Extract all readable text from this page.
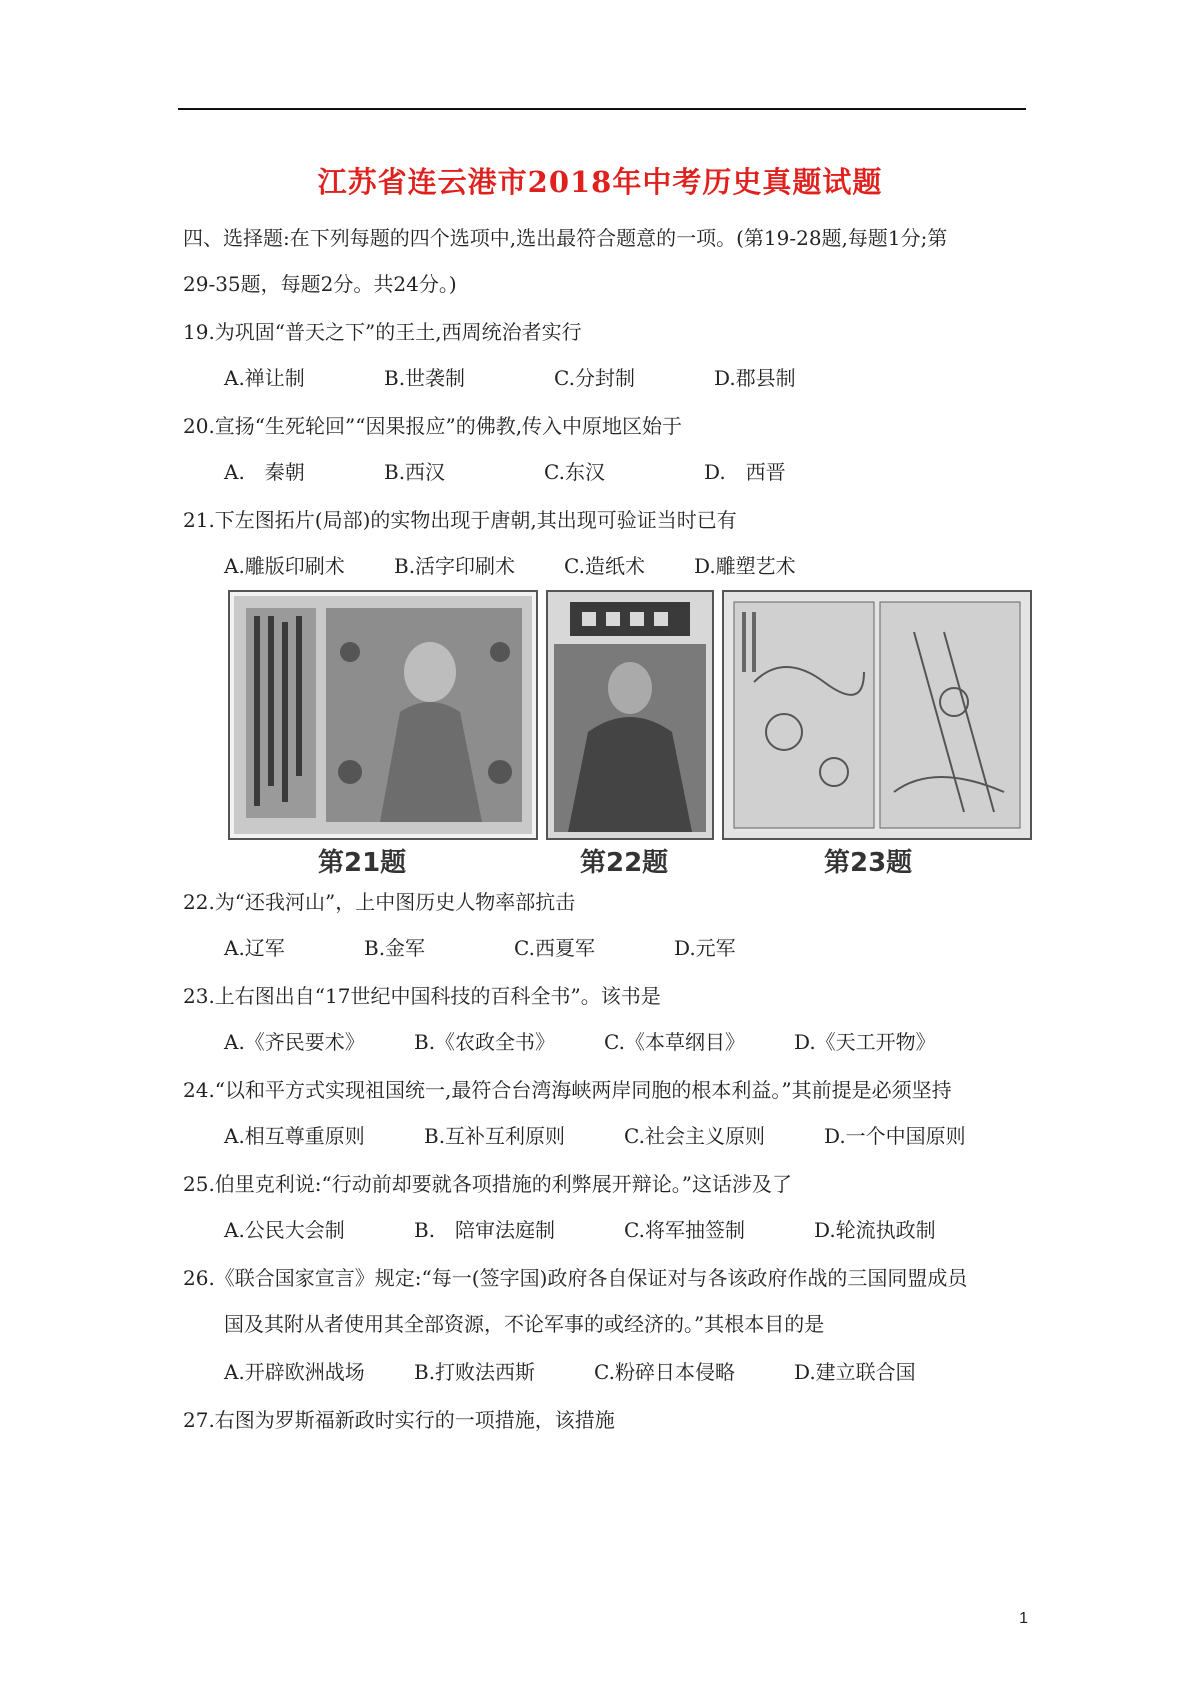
江苏省连云港市2018年中考历史真题试题
四、选择题:在下列每题的四个选项中,选出最符合题意的一项。(第19-28题,每题1分;第
29-35题，每题2分。共24分。)
19.为巩固“普天之下”的王土,西周统治者实行
A.禅让制	B.世袭制	C.分封制	D.郡县制
20.宣扬“生死轮回”“因果报应”的佛教,传入中原地区始于
A.　秦朝	B.西汉	C.东汉	D.　西晋
21.下左图拓片(局部)的实物出现于唐朝,其出现可验证当时已有
A.雕版印刷术 B.活字印刷术 C.造纸术 D.雕塑艺术
第21题	第22题	第23题
22.为“还我河山”，上中图历史人物率部抗击
A.辽军	B.金军	C.西夏军	D.元军
23.上右图出自“17世纪中国科技的百科全书”。该书是
A.《齐民要术》 B.《农政全书》 C.《本草纲目》 D.《天工开物》
24.“以和平方式实现祖国统一,最符合台湾海峡两岸同胞的根本利益。”其前提是必须坚持
A.相互尊重原则	B.互补互利原则	C.社会主义原则	D.一个中国原则
25.伯里克利说:“行动前却要就各项措施的利弊展开辩论。”这话涉及了
A.公民大会制	B.　陪审法庭制	C.将军抽签制	D.轮流执政制
26.《联合国家宣言》规定:“每一(签字国)政府各自保证对与各该政府作战的三国同盟成员
国及其附从者使用其全部资源，不论军事的或经济的。”其根本目的是
A.开辟欧洲战场 B.打败法西斯	C.粉碎日本侵略	D.建立联合国
27.右图为罗斯福新政时实行的一项措施，该措施
1
